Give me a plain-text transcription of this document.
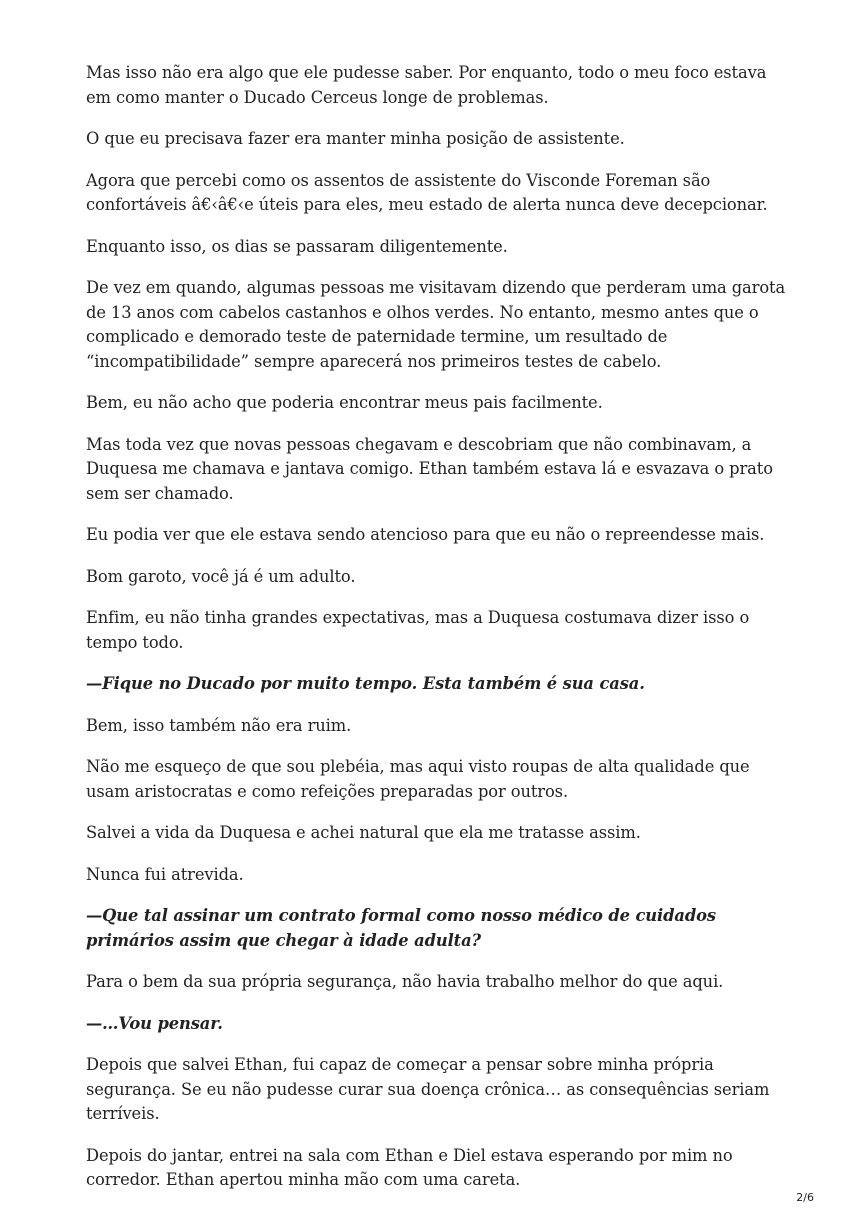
Mas isso não era algo que ele pudesse saber. Por enquanto, todo o meu foco estava em como manter o Ducado Cerceus longe de problemas.

O que eu precisava fazer era manter minha posição de assistente.

Agora que percebi como os assentos de assistente do Visconde Foreman são confortáveis â€‹â€‹e úteis para eles, meu estado de alerta nunca deve decepcionar.

Enquanto isso, os dias se passaram diligentemente.

De vez em quando, algumas pessoas me visitavam dizendo que perderam uma garota de 13 anos com cabelos castanhos e olhos verdes. No entanto, mesmo antes que o complicado e demorado teste de paternidade termine, um resultado de “incompatibilidade” sempre aparecerá nos primeiros testes de cabelo.

Bem, eu não acho que poderia encontrar meus pais facilmente.

Mas toda vez que novas pessoas chegavam e descobriam que não combinavam, a Duquesa me chamava e jantava comigo. Ethan também estava lá e esvazava o prato sem ser chamado.

Eu podia ver que ele estava sendo atencioso para que eu não o repreendesse mais.

Bom garoto, você já é um adulto.

Enfim, eu não tinha grandes expectativas, mas a Duquesa costumava dizer isso o tempo todo.

—Fique no Ducado por muito tempo. Esta também é sua casa.

Bem, isso também não era ruim.

Não me esqueço de que sou plebéia, mas aqui visto roupas de alta qualidade que usam aristocratas e como refeições preparadas por outros.

Salvei a vida da Duquesa e achei natural que ela me tratasse assim.

Nunca fui atrevida.

—Que tal assinar um contrato formal como nosso médico de cuidados primários assim que chegar à idade adulta?

Para o bem da sua própria segurança, não havia trabalho melhor do que aqui.

—…Vou pensar.

Depois que salvei Ethan, fui capaz de começar a pensar sobre minha própria segurança. Se eu não pudesse curar sua doença crônica… as consequências seriam terríveis.

Depois do jantar, entrei na sala com Ethan e Diel estava esperando por mim no corredor. Ethan apertou minha mão com uma careta.

2/6
